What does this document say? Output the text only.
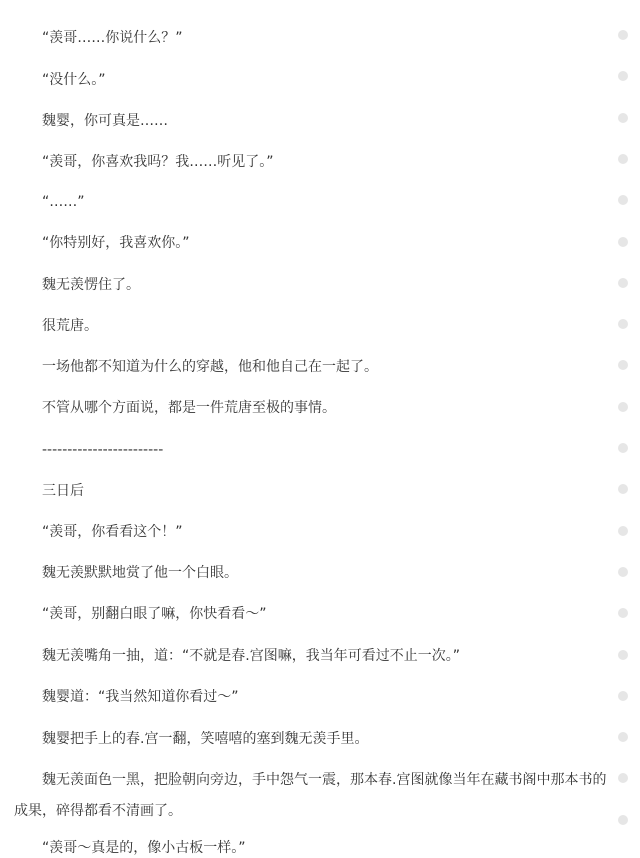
“羡哥……你说什么？”

“没什么。”

魏婴，你可真是……

“羡哥，你喜欢我吗？我……听见了。”

“……”

“你特别好，我喜欢你。”

魏无羡愣住了。

很荒唐。

一场他都不知道为什么的穿越，他和他自己在一起了。

不管从哪个方面说，都是一件荒唐至极的事情。

------------------------

三日后

“羡哥，你看看这个！”

魏无羡默默地赏了他一个白眼。

“羡哥，别翻白眼了嘛，你快看看～”

魏无羡嘴角一抽，道：“不就是春.宫图嘛，我当年可看过不止一次。”

魏婴道：“我当然知道你看过～”

魏婴把手上的春.宫一翻，笑嘻嘻的塞到魏无羡手里。

魏无羡面色一黑，把脸朝向旁边，手中怨气一震，那本春.宫图就像当年在藏书阁中那本书的成果，碎得都看不清画了。

“羡哥～真是的，像小古板一样。”
